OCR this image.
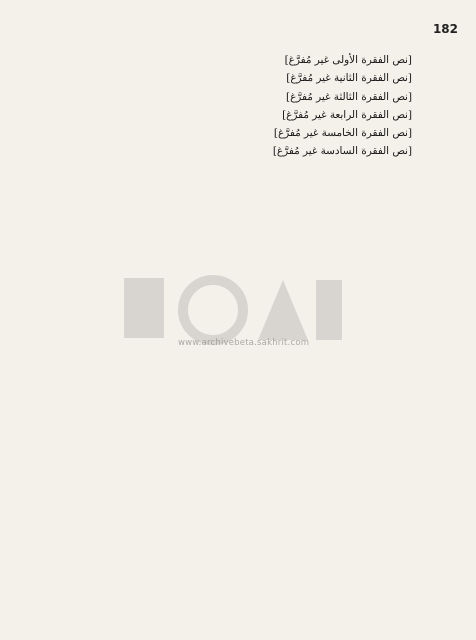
182

[نص الفقرة الأولى غير مُفرَّغ]

[نص الفقرة الثانية غير مُفرَّغ]

[نص الفقرة الثالثة غير مُفرَّغ]

[نص الفقرة الرابعة غير مُفرَّغ]

[نص الفقرة الخامسة غير مُفرَّغ]

[نص الفقرة السادسة غير مُفرَّغ]

www.archivebeta.sakhrit.com
